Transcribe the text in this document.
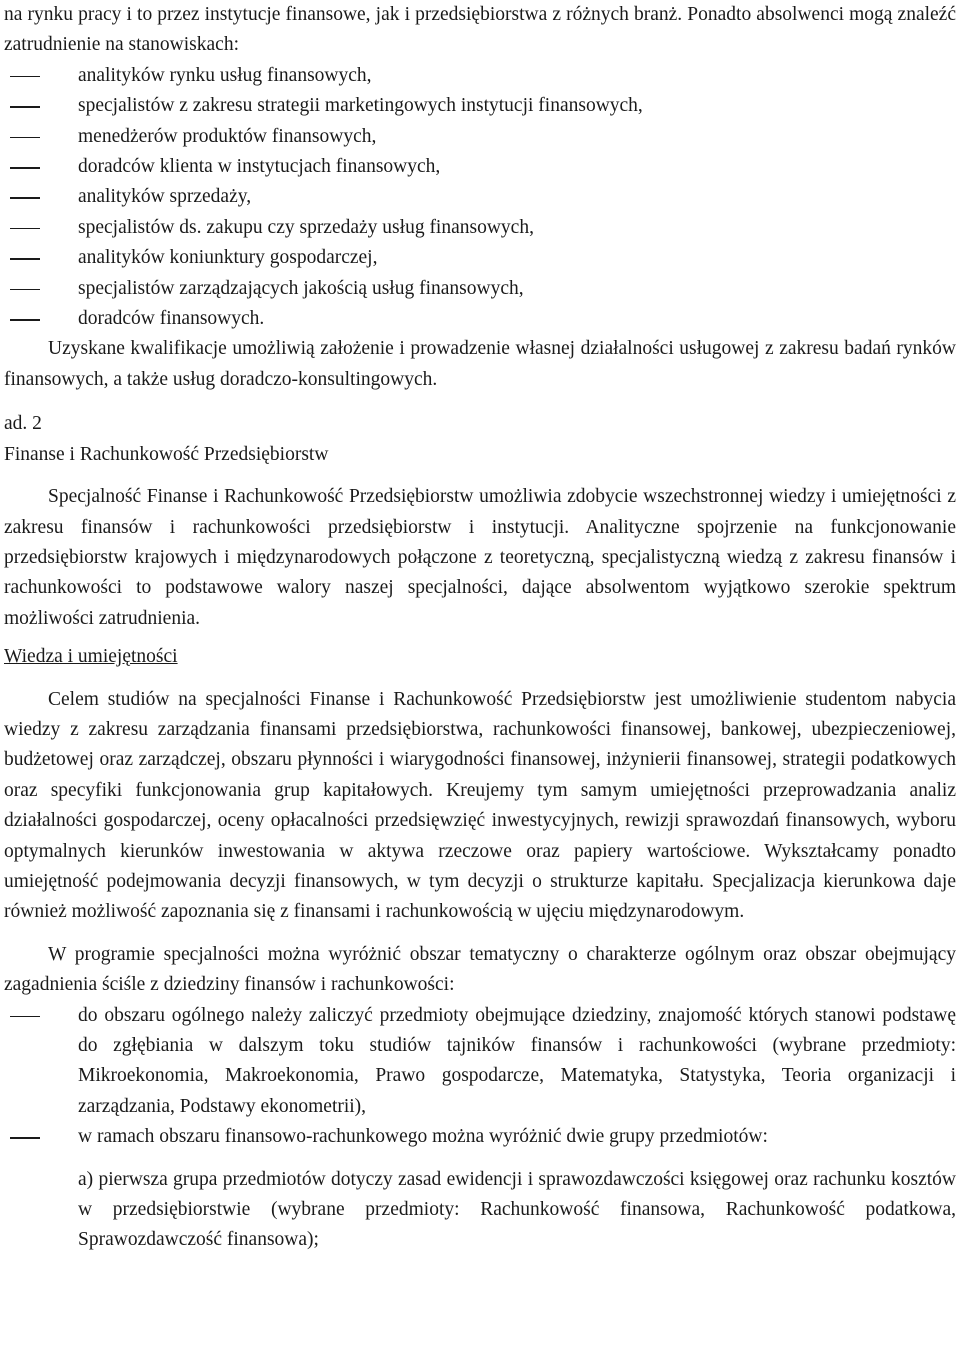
na rynku pracy i to przez instytucje finansowe, jak i przedsiębiorstwa z różnych branż. Ponadto absolwenci mogą znaleźć zatrudnienie na stanowiskach:

analityków rynku usług finansowych,
specjalistów z zakresu strategii marketingowych instytucji finansowych,
menedżerów produktów finansowych,
doradców klienta w instytucjach finansowych,
analityków sprzedaży,
specjalistów ds. zakupu czy sprzedaży usług finansowych,
analityków koniunktury gospodarczej,
specjalistów zarządzających jakością usług finansowych,
doradców finansowych.

Uzyskane kwalifikacje umożliwią założenie i prowadzenie własnej działalności usługowej z zakresu badań rynków finansowych, a także usług doradczo-konsultingowych.

ad. 2
Finanse i Rachunkowość Przedsiębiorstw

Specjalność Finanse i Rachunkowość Przedsiębiorstw umożliwia zdobycie wszechstronnej wiedzy i umiejętności z zakresu finansów i rachunkowości przedsiębiorstw i instytucji. Analityczne spojrzenie na funkcjonowanie przedsiębiorstw krajowych i międzynarodowych połączone z teoretyczną, specjalistyczną wiedzą z zakresu finansów i rachunkowości to podstawowe walory naszej specjalności, dające absolwentom wyjątkowo szerokie spektrum możliwości zatrudnienia.

Wiedza i umiejętności

Celem studiów na specjalności Finanse i Rachunkowość Przedsiębiorstw jest umożliwienie studentom nabycia wiedzy z zakresu zarządzania finansami przedsiębiorstwa, rachunkowości finansowej, bankowej, ubezpieczeniowej, budżetowej oraz zarządczej, obszaru płynności i wiarygodności finansowej, inżynierii finansowej, strategii podatkowych oraz specyfiki funkcjonowania grup kapitałowych. Kreujemy tym samym umiejętności przeprowadzania analiz działalności gospodarczej, oceny opłacalności przedsięwzięć inwestycyjnych, rewizji sprawozdań finansowych, wyboru optymalnych kierunków inwestowania w aktywa rzeczowe oraz papiery wartościowe. Wykształcamy ponadto umiejętność podejmowania decyzji finansowych, w tym decyzji o strukturze kapitału. Specjalizacja kierunkowa daje również możliwość zapoznania się z finansami i rachunkowością w ujęciu międzynarodowym.

W programie specjalności można wyróżnić obszar tematyczny o charakterze ogólnym oraz obszar obejmujący zagadnienia ściśle z dziedziny finansów i rachunkowości:

do obszaru ogólnego należy zaliczyć przedmioty obejmujące dziedziny, znajomość których stanowi podstawę do zgłębiania w dalszym toku studiów tajników finansów i rachunkowości (wybrane przedmioty: Mikroekonomia, Makroekonomia, Prawo gospodarcze, Matematyka, Statystyka, Teoria organizacji i zarządzania, Podstawy ekonometrii),
w ramach obszaru finansowo-rachunkowego można wyróżnić dwie grupy przedmiotów:
a) pierwsza grupa przedmiotów dotyczy zasad ewidencji i sprawozdawczości księgowej oraz rachunku kosztów w przedsiębiorstwie (wybrane przedmioty: Rachunkowość finansowa, Rachunkowość podatkowa, Sprawozdawczość finansowa);
